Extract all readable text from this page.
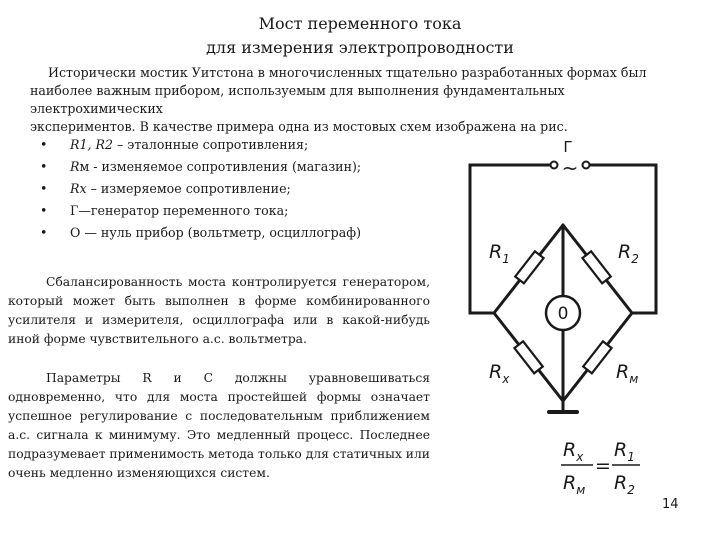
Мост переменного тока
для измерения электропроводности
Исторически мостик Уитстона в многочисленных тщательно разработанных формах был
наиболее важным прибором, используемым для выполнения фундаментальных электрохимических
экспериментов. В качестве примера одна из мостовых схем изображена на рис.
• R1, R2 – эталонные сопротивления;
• Rм - изменяемое сопротивления (магазин);
• Rx – измеряемое сопротивление;
• Г—генератор переменного тока;
• О — нуль прибор (вольтметр, осциллограф)

Сбалансированность моста контролируется генератором, который может быть выполнен в форме комбинированного усилителя и измерителя, осциллографа или в какой-нибудь иной форме чувствительного а.с. вольтметра.

Параметры R и C должны уравновешиваться одновременно, что для моста простейшей формы означает успешное регулирование с последовательным приближением а.с. сигнала к минимуму. Это медленный процесс. Последнее подразумевает применимость метода только для статичных или очень медленно изменяющихся систем.

Г
~
0
$R_1$	$R_2$
$R_x$	$R_м$
$R_x$
$R_м$
=
$R_1$
$R_2$
14
